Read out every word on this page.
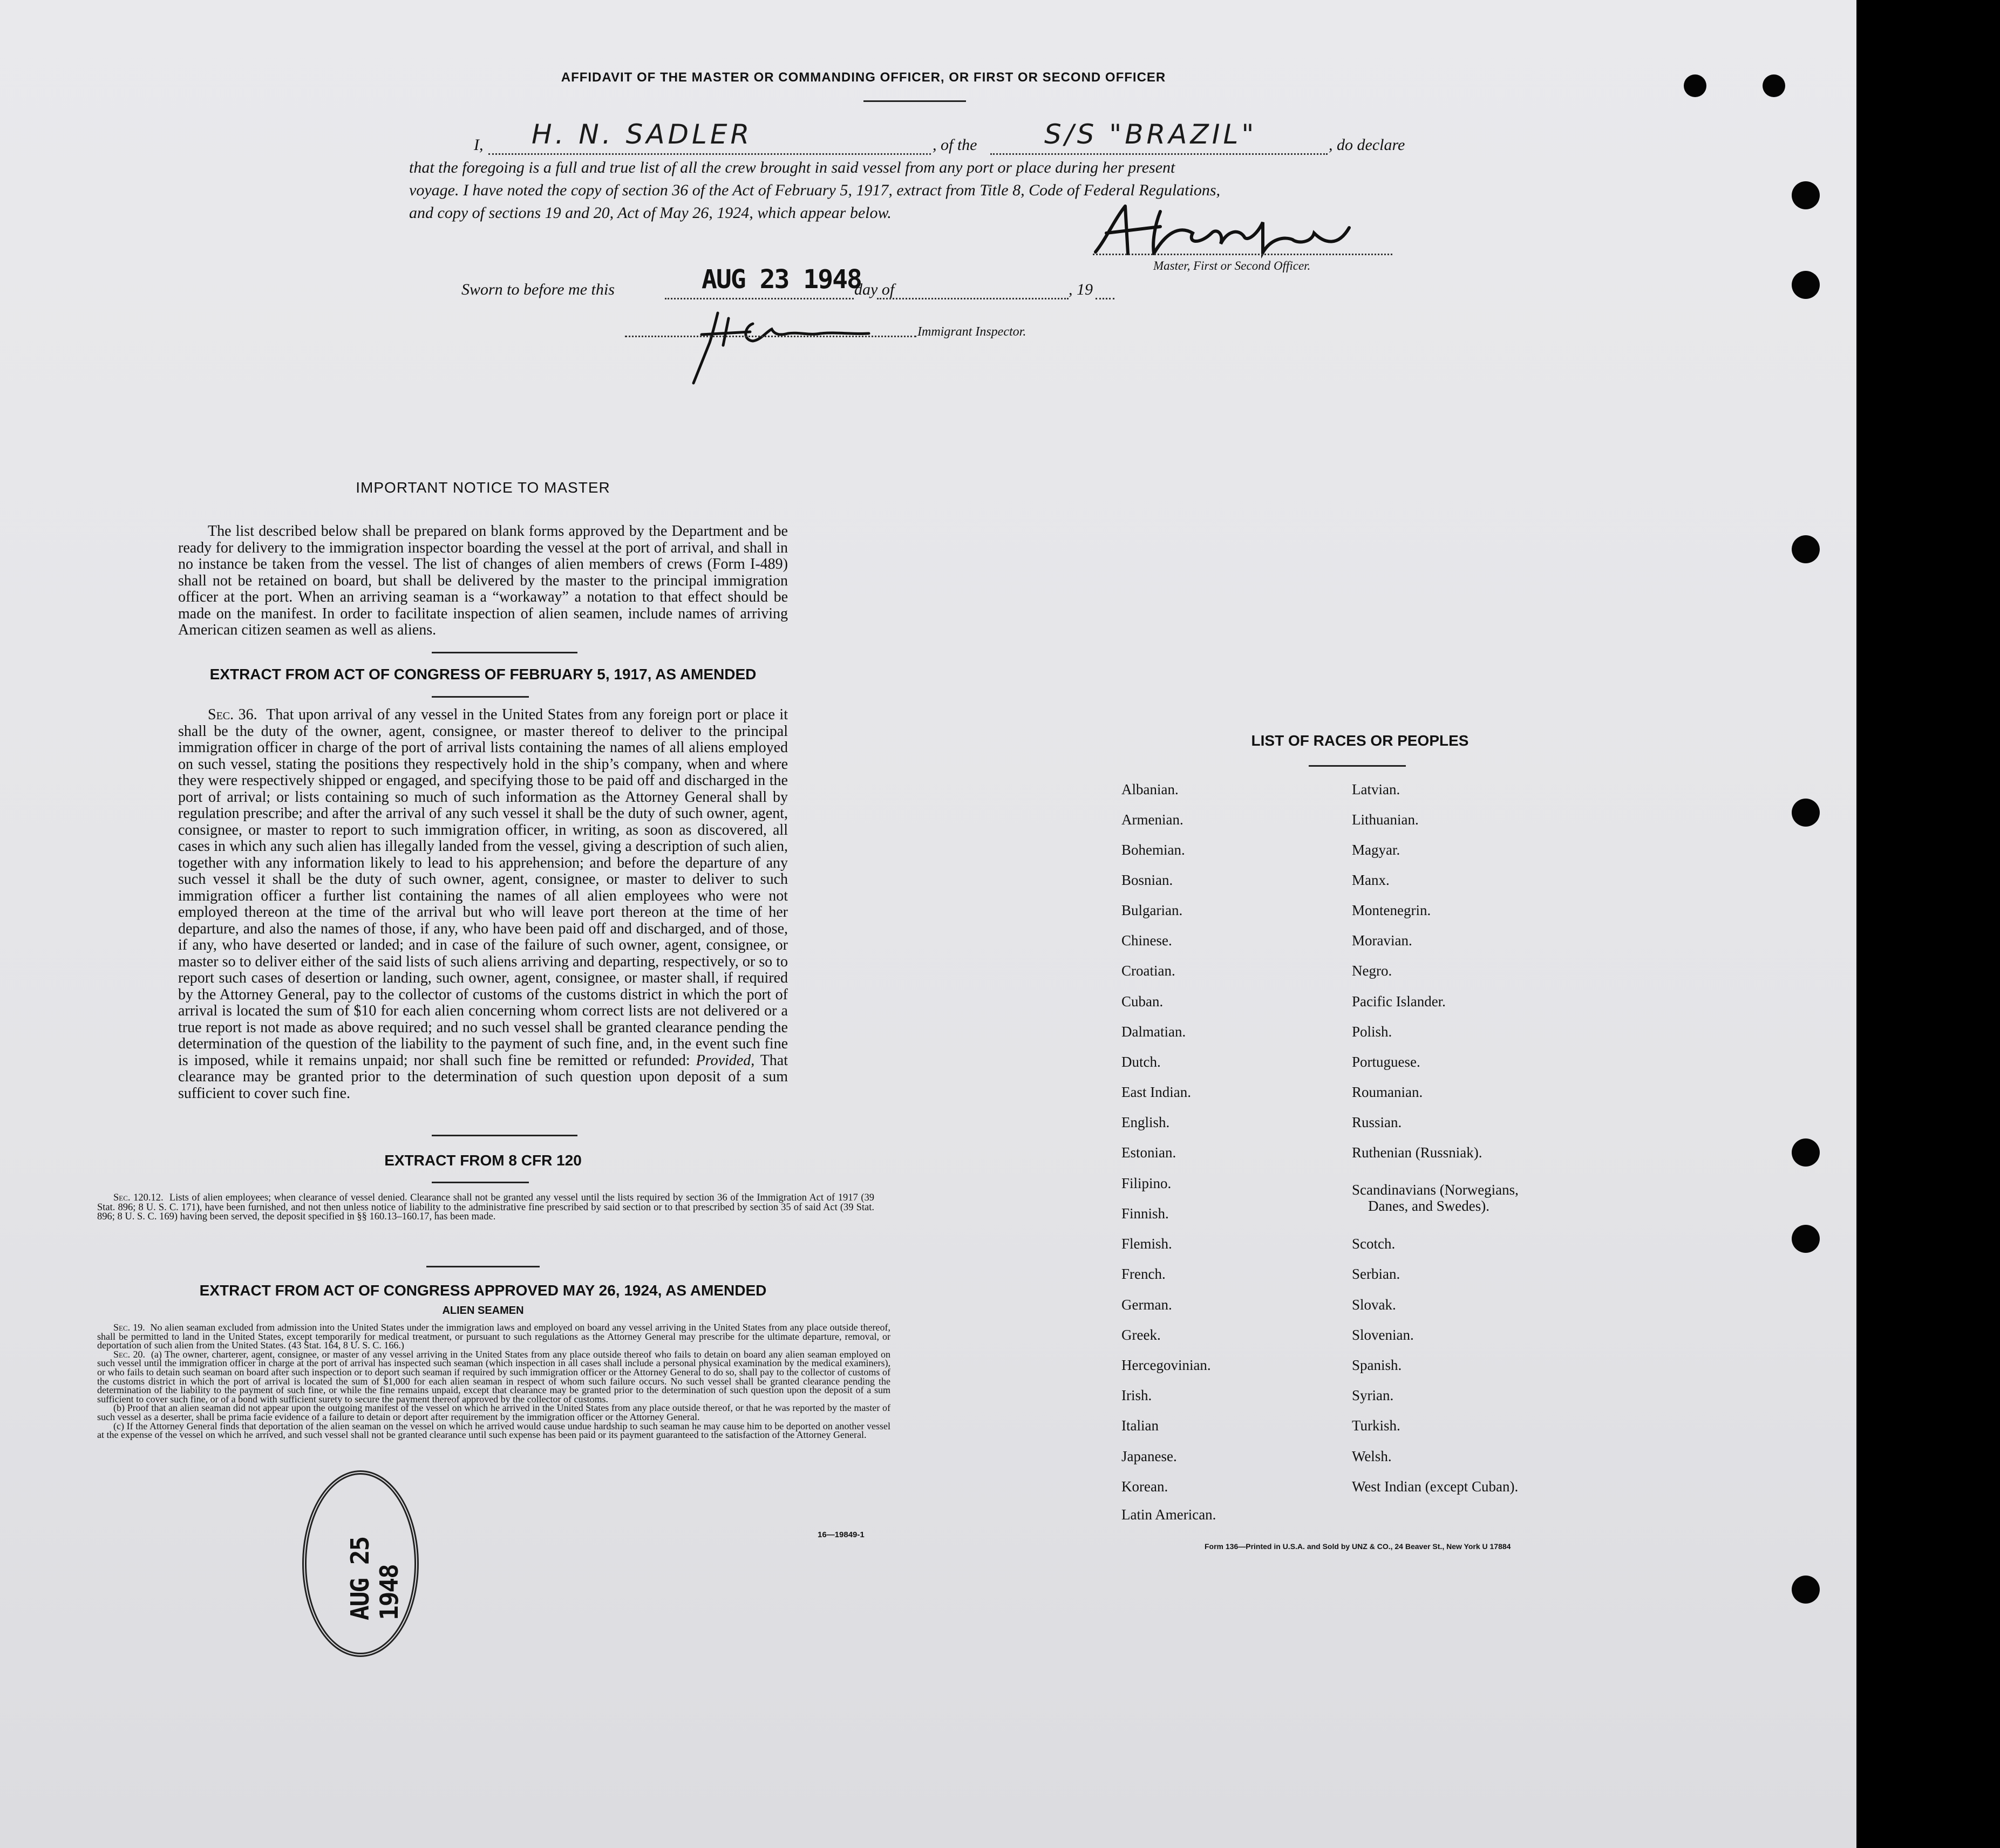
AFFIDAVIT OF THE MASTER OR COMMANDING OFFICER, OR FIRST OR SECOND OFFICER
I, H. N. SADLER	, of the S/S "BRAZIL"	, do declare
that the foregoing is a full and true list of all the crew brought in said vessel from any port or place during her present
voyage. I have noted the copy of section 36 of the Act of February 5, 1917, extract from Title 8, Code of Federal Regulations,
and copy of sections 19 and 20, Act of May 26, 1924, which appear below.
Master, First or Second Officer.
Sworn to before me this	AUG 23 1948
day of	, 19
Immigrant Inspector.
IMPORTANT NOTICE TO MASTER
The list described below shall be prepared on blank forms approved by the Department and be ready for delivery to the immigration inspector boarding the vessel at the port of arrival, and shall in no instance be taken from the vessel. The list of changes of alien members of crews (Form I-489) shall not be retained on board, but shall be delivered by the master to the principal immigration officer at the port. When an arriving seaman is a “workaway” a notation to that effect should be made on the manifest. In order to facilitate inspection of alien seamen, include names of arriving American citizen seamen as well as aliens.
EXTRACT FROM ACT OF CONGRESS OF FEBRUARY 5, 1917, AS AMENDED
Sec. 36. That upon arrival of any vessel in the United States from any foreign port or place it shall be the duty of the owner, agent, consignee, or master thereof to deliver to the principal immigration officer in charge of the port of arrival lists containing the names of all aliens employed on such vessel, stating the positions they respectively hold in the ship’s company, when and where they were respectively shipped or engaged, and specifying those to be paid off and discharged in the port of arrival; or lists containing so much of such information as the Attorney General shall by regulation prescribe; and after the arrival of any such vessel it shall be the duty of such owner, agent, consignee, or master to report to such immigration officer, in writing, as soon as discovered, all cases in which any such alien has illegally landed from the vessel, giving a description of such alien, together with any information likely to lead to his apprehension; and before the departure of any such vessel it shall be the duty of such owner, agent, consignee, or master to deliver to such immigration officer a further list containing the names of all alien employees who were not employed thereon at the time of the arrival but who will leave port thereon at the time of her departure, and also the names of those, if any, who have been paid off and discharged, and of those, if any, who have deserted or landed; and in case of the failure of such owner, agent, consignee, or master so to deliver either of the said lists of such aliens arriving and departing, respectively, or so to report such cases of desertion or landing, such owner, agent, consignee, or master shall, if required by the Attorney General, pay to the collector of customs of the customs district in which the port of arrival is located the sum of $10 for each alien concerning whom correct lists are not delivered or a true report is not made as above required; and no such vessel shall be granted clearance pending the determination of the question of the liability to the payment of such fine, and, in the event such fine is imposed, while it remains unpaid; nor shall such fine be remitted or refunded: Provided, That clearance may be granted prior to the determination of such question upon deposit of a sum sufficient to cover such fine.
EXTRACT FROM 8 CFR 120
Sec. 120.12. Lists of alien employees; when clearance of vessel denied. Clearance shall not be granted any vessel until the lists required by section 36 of the Immigration Act of 1917 (39 Stat. 896; 8 U. S. C. 171), have been furnished, and not then unless notice of liability to the administrative fine prescribed by said section or to that prescribed by section 35 of said Act (39 Stat. 896; 8 U. S. C. 169) having been served, the deposit specified in §§ 160.13–160.17, has been made.
EXTRACT FROM ACT OF CONGRESS APPROVED MAY 26, 1924, AS AMENDED
ALIEN SEAMEN
Sec. 19. No alien seaman excluded from admission into the United States under the immigration laws and employed on board any vessel arriving in the United States from any place outside thereof, shall be permitted to land in the United States, except temporarily for medical treatment, or pursuant to such regulations as the Attorney General may prescribe for the ultimate departure, removal, or deportation of such alien from the United States. (43 Stat. 164, 8 U. S. C. 166.)
Sec. 20. (a) The owner, charterer, agent, consignee, or master of any vessel arriving in the United States from any place outside thereof who fails to detain on board any alien seaman employed on such vessel until the immigration officer in charge at the port of arrival has inspected such seaman (which inspection in all cases shall include a personal physical examination by the medical examiners), or who fails to detain such seaman on board after such inspection or to deport such seaman if required by such immigration officer or the Attorney General to do so, shall pay to the collector of customs of the customs district in which the port of arrival is located the sum of $1,000 for each alien seaman in respect of whom such failure occurs. No such vessel shall be granted clearance pending the determination of the liability to the payment of such fine, or while the fine remains unpaid, except that clearance may be granted prior to the determination of such question upon the deposit of a sum sufficient to cover such fine, or of a bond with sufficient surety to secure the payment thereof approved by the collector of customs.
(b) Proof that an alien seaman did not appear upon the outgoing manifest of the vessel on which he arrived in the United States from any place outside thereof, or that he was reported by the master of such vessel as a deserter, shall be prima facie evidence of a failure to detain or deport after requirement by the immigration officer or the Attorney General.
(c) If the Attorney General finds that deportation of the alien seaman on the vessel on which he arrived would cause undue hardship to such seaman he may cause him to be deported on another vessel at the expense of the vessel on which he arrived, and such vessel shall not be granted clearance until such expense has been paid or its payment guaranteed to the satisfaction of the Attorney General.
16—19849-1
AUG 25 1948
LIST OF RACES OR PEOPLES
Albanian.
Armenian.
Bohemian.
Bosnian.
Bulgarian.
Chinese.
Croatian.
Cuban.
Dalmatian.
Dutch.
East Indian.
English.
Estonian.
Filipino.
Finnish.
Flemish.
French.
German.
Greek.
Hercegovinian.
Irish.
Italian
Japanese.
Korean.
Latin American.
Latvian.
Lithuanian.
Magyar.
Manx.
Montenegrin.
Moravian.
Negro.
Pacific Islander.
Polish.
Portuguese.
Roumanian.
Russian.
Ruthenian (Russniak).
Scandinavians (Norwegians,
Danes, and Swedes).
Scotch.
Serbian.
Slovak.
Slovenian.
Spanish.
Syrian.
Turkish.
Welsh.
West Indian (except Cuban).
Form 136—Printed in U.S.A. and Sold by UNZ & CO., 24 Beaver St., New York U 17884
